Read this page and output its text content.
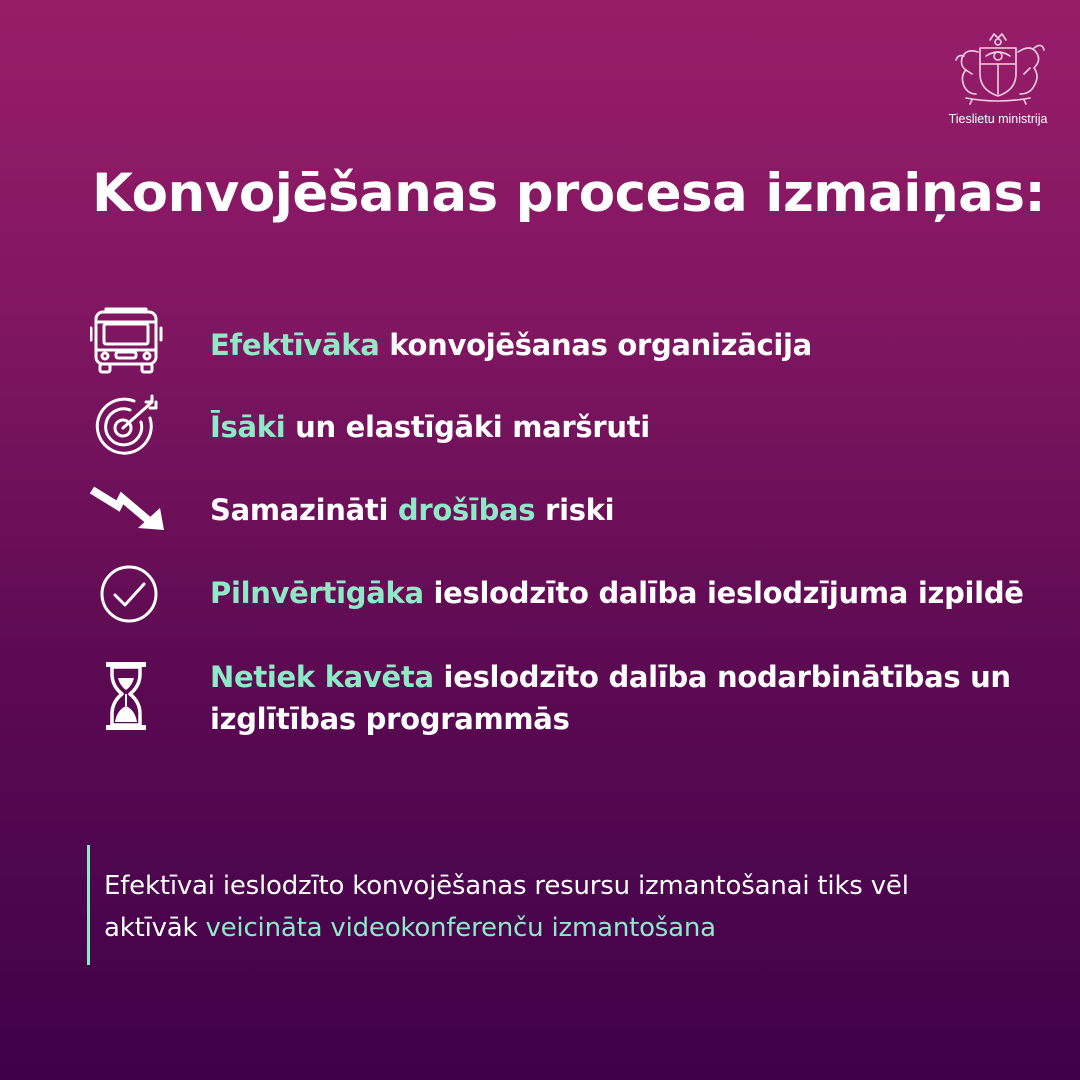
Tieslietu ministrija
Konvojēšanas procesa izmaiņas:
Efektīvāka konvojēšanas organizācija
Īsāki un elastīgāki maršruti
Samazināti drošības riski
Pilnvērtīgāka ieslodzīto dalība ieslodzījuma izpildē
Netiek kavēta ieslodzīto dalība nodarbinātības un izglītības programmās
Efektīvai ieslodzīto konvojēšanas resursu izmantošanai tiks vēl aktīvāk veicināta videokonferenču izmantošana
